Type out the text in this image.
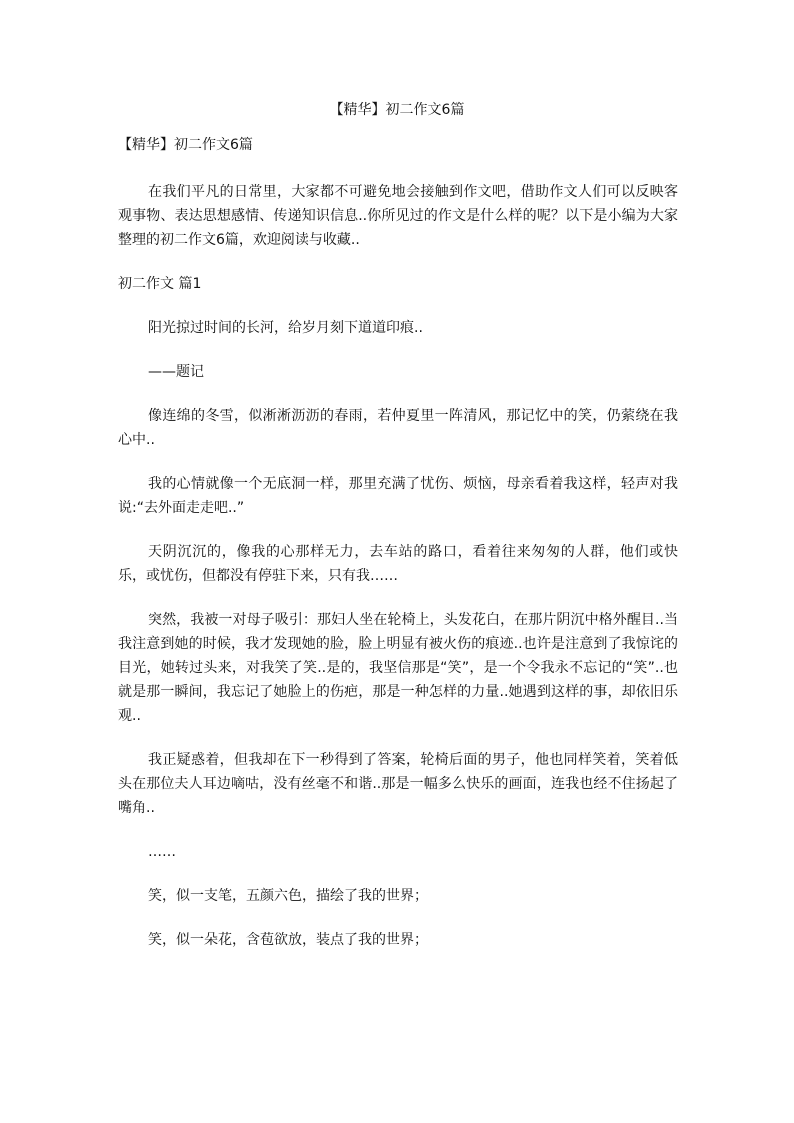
【精华】初二作文6篇
【精华】初二作文6篇

在我们平凡的日常里，大家都不可避免地会接触到作文吧，借助作文人们可以反映客观事物、表达思想感情、传递知识信息..你所见过的作文是什么样的呢？以下是小编为大家整理的初二作文6篇，欢迎阅读与收藏..

初二作文 篇1

阳光掠过时间的长河，给岁月刻下道道印痕..

——题记

像连绵的冬雪，似淅淅沥沥的春雨，若仲夏里一阵清风，那记忆中的笑，仍萦绕在我心中..

我的心情就像一个无底洞一样，那里充满了忧伤、烦恼，母亲看着我这样，轻声对我说:“去外面走走吧..”

天阴沉沉的，像我的心那样无力，去车站的路口，看着往来匆匆的人群，他们或快乐，或忧伤，但都没有停驻下来，只有我……

突然，我被一对母子吸引：那妇人坐在轮椅上，头发花白，在那片阴沉中格外醒目..当我注意到她的时候，我才发现她的脸，脸上明显有被火伤的痕迹..也许是注意到了我惊诧的目光，她转过头来，对我笑了笑..是的，我坚信那是“笑”，是一个令我永不忘记的“笑”..也就是那一瞬间，我忘记了她脸上的伤疤，那是一种怎样的力量..她遇到这样的事，却依旧乐观..

我正疑惑着，但我却在下一秒得到了答案，轮椅后面的男子，他也同样笑着，笑着低头在那位夫人耳边嘀咕，没有丝毫不和谐..那是一幅多么快乐的画面，连我也经不住扬起了嘴角..

……

笑，似一支笔，五颜六色，描绘了我的世界；

笑，似一朵花，含苞欲放，装点了我的世界；
